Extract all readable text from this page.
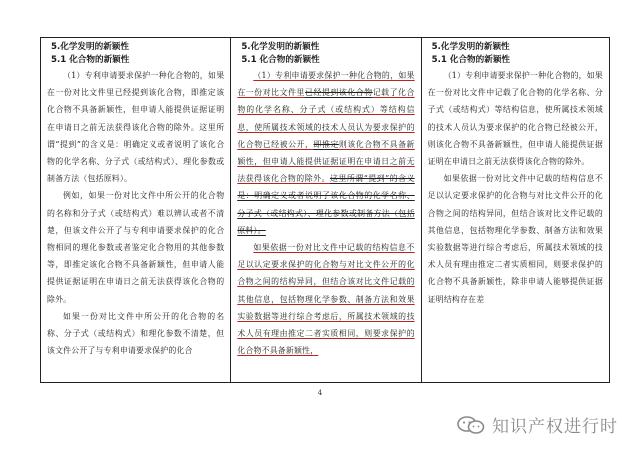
5.化学发明的新颖性
5.1 化合物的新颖性

（1）专利申请要求保护一种化合物的，如果在一份对比文件里已经提到该化合物，即推定该化合物不具备新颖性，但申请人能提供证据证明在申请日之前无法获得该化合物的除外。这里所谓“提到”的含义是：明确定义或者说明了该化合物的化学名称、分子式（或结构式）、理化参数或制备方法（包括原料）。

例如，如果一份对比文件中所公开的化合物的名称和分子式（或结构式）难以辨认或者不清楚，但该文件公开了与专利申请要求保护的化合物相同的理化参数或者鉴定化合物用的其他参数等，即推定该化合物不具备新颖性，但申请人能提供证据证明在申请日之前无法获得该化合物的除外。

如果一份对比文件中所公开的化合物的名称、分子式（或结构式）和理化参数不清楚，但该文件公开了与专利申请要求保护的化合

5.化学发明的新颖性
5.1 化合物的新颖性

（1）专利申请要求保护一种化合物的，如果在一份对比文件里已经提到该化合物记载了化合物的化学名称、分子式（或结构式）等结构信息，使所属技术领域的技术人员认为要求保护的化合物已经被公开，即推定则该化合物不具备新颖性，但申请人能提供证据证明在申请日之前无法获得该化合物的除外。这里所谓“提到”的含义是：明确定义或者说明了该化合物的化学名称、分子式（或结构式）、理化参数或制备方法（包括原料）。

如果依据一份对比文件中记载的结构信息不足以认定要求保护的化合物与对比文件公开的化合物之间的结构异同，但结合该对比文件记载的其他信息，包括物理化学参数、制备方法和效果实验数据等进行综合考虑后，所属技术领域的技术人员有理由推定二者实质相同，则要求保护的化合物不具备新颖性，

5.化学发明的新颖性
5.1 化合物的新颖性

（1）专利申请要求保护一种化合物的，如果在一份对比文件中记载了化合物的化学名称、分子式（或结构式）等结构信息，使所属技术领域的技术人员认为要求保护的化合物已经被公开，则该化合物不具备新颖性，但申请人能提供证据证明在申请日之前无法获得该化合物的除外。

如果依据一份对比文件中记载的结构信息不足以认定要求保护的化合物与对比文件公开的化合物之间的结构异同，但结合该对比文件记载的其他信息，包括物理化学参数、制备方法和效果实验数据等进行综合考虑后，所属技术领域的技术人员有理由推定二者实质相同，则要求保护的化合物不具备新颖性，除非申请人能够提供证据证明结构存在差

4
知识产权进行时
